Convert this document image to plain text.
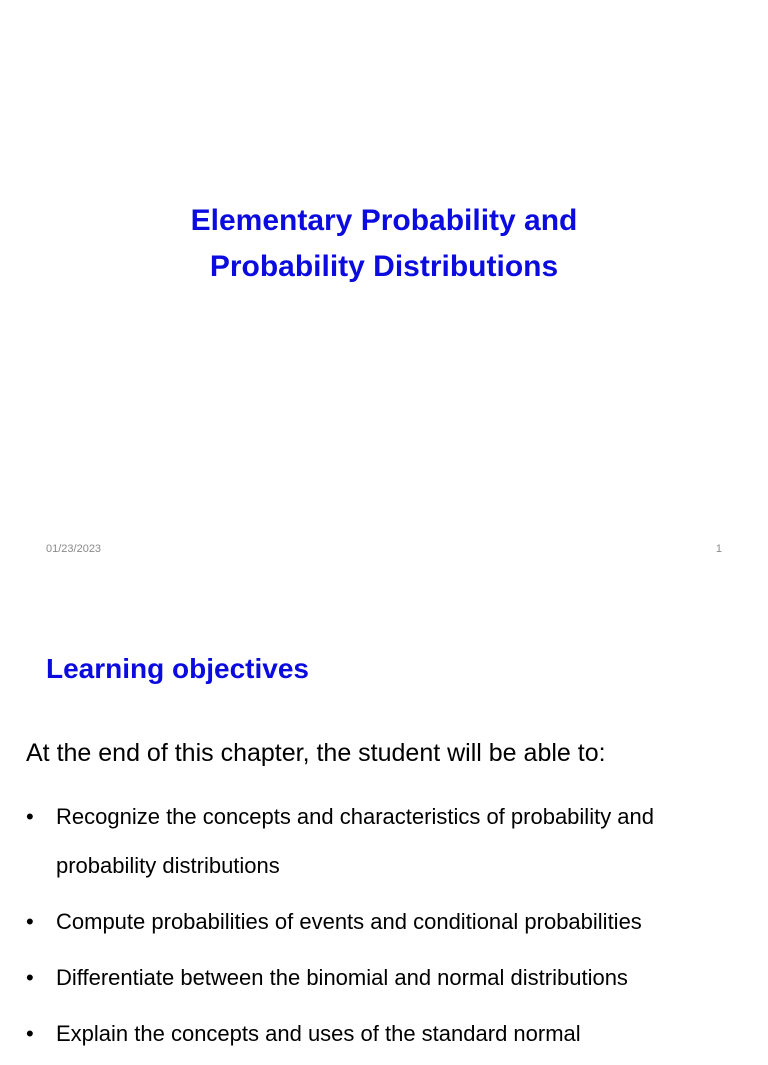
Elementary Probability and
Probability Distributions
01/23/2023	1
Learning objectives
At the end of this chapter, the student will be able to:
• Recognize the concepts and characteristics of probability and probability distributions
• Compute probabilities of events and conditional probabilities
• Differentiate between the binomial and normal distributions
• Explain the concepts and uses of the standard normal
